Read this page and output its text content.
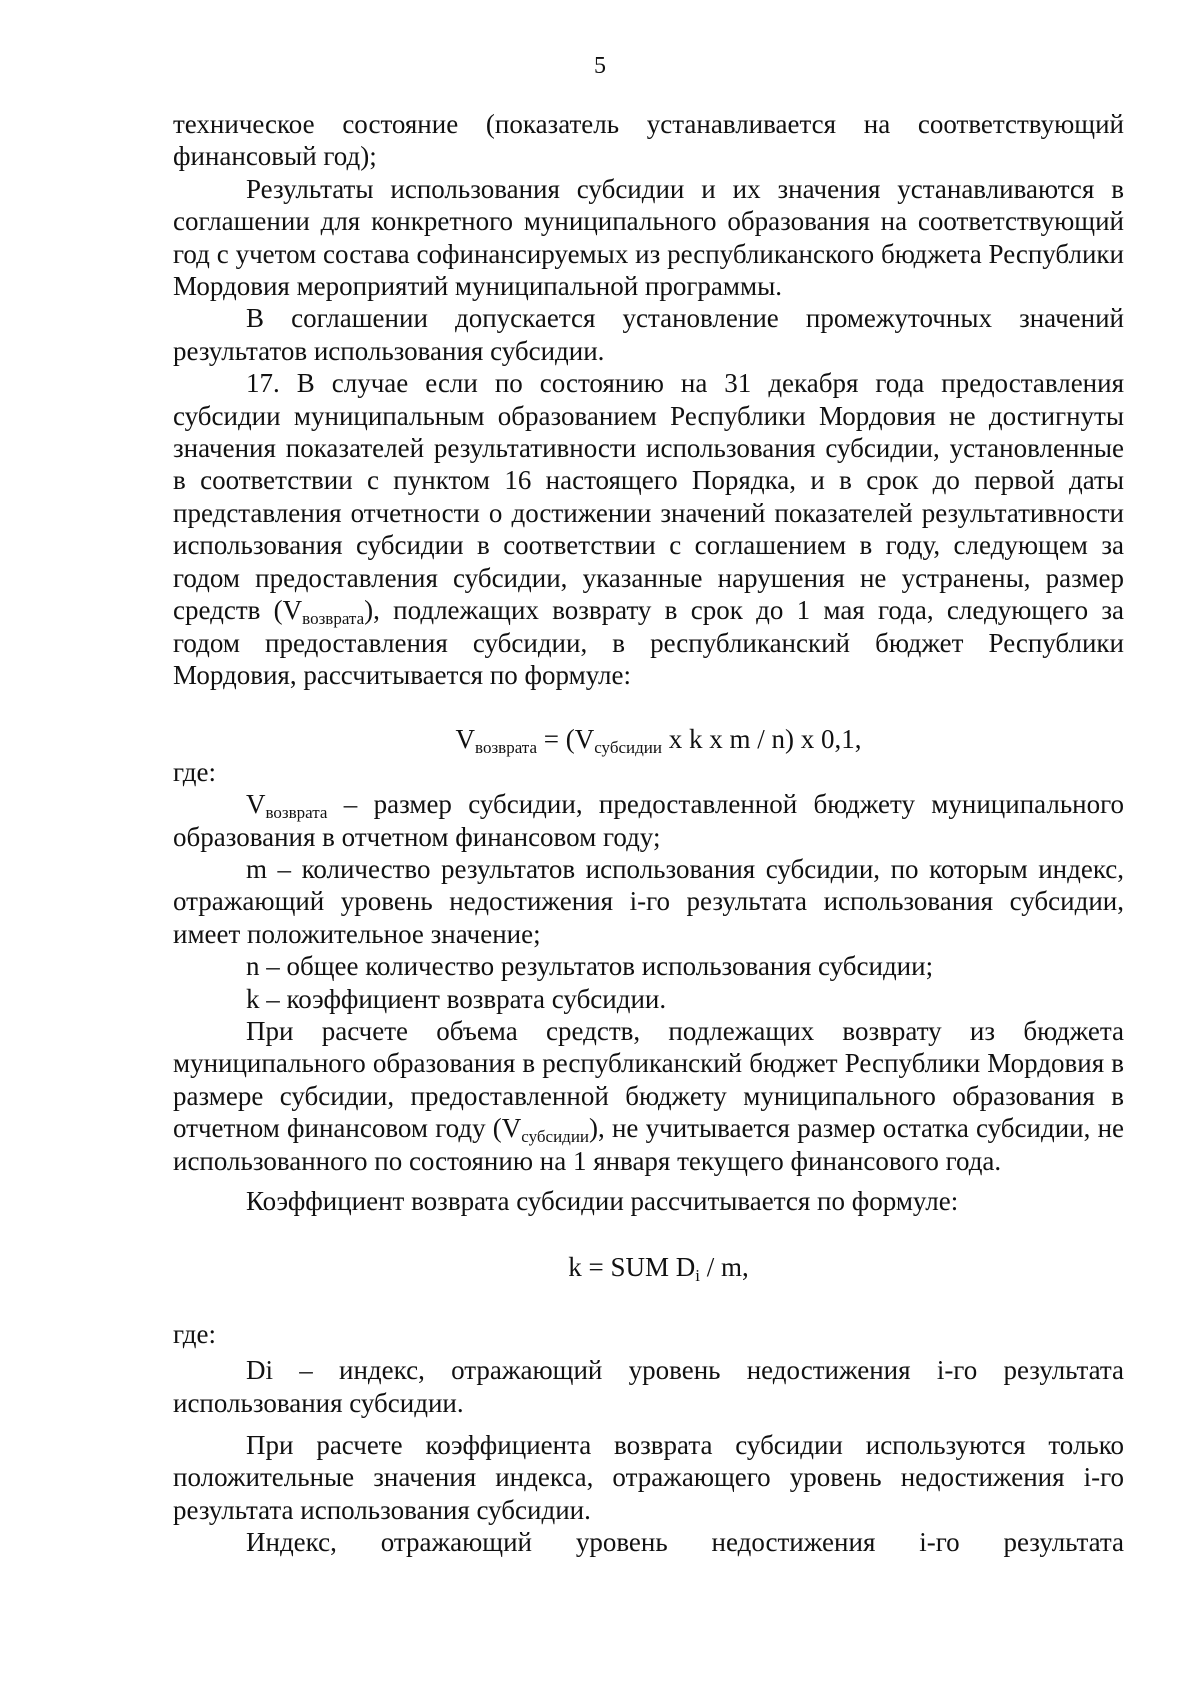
5

техническое состояние (показатель устанавливается на соответствующий финансовый год);

Результаты использования субсидии и их значения устанавливаются в соглашении для конкретного муниципального образования на соответствующий год с учетом состава софинансируемых из республиканского бюджета Республики Мордовия мероприятий муниципальной программы.

В соглашении допускается установление промежуточных значений результатов использования субсидии.

17. В случае если по состоянию на 31 декабря года предоставления субсидии муниципальным образованием Республики Мордовия не достигнуты значения показателей результативности использования субсидии, установленные в соответствии с пунктом 16 настоящего Порядка, и в срок до первой даты представления отчетности о достижении значений показателей результативности использования субсидии в соответствии с соглашением в году, следующем за годом предоставления субсидии, указанные нарушения не устранены, размер средств $(V_{возврата})$, подлежащих возврату в срок до 1 мая года, следующего за годом предоставления субсидии, в республиканский бюджет Республики Мордовия, рассчитывается по формуле:

$V_{возврата} = (V_{субсидии}$ x k x m / n) x 0,1,

где:

$V_{возврата}$ – размер субсидии, предоставленной бюджету муниципального образования в отчетном финансовом году;

m – количество результатов использования субсидии, по которым индекс, отражающий уровень недостижения i-го результата использования субсидии, имеет положительное значение;

n – общее количество результатов использования субсидии;

k – коэффициент возврата субсидии.

При расчете объема средств, подлежащих возврату из бюджета муниципального образования в республиканский бюджет Республики Мордовия в размере субсидии, предоставленной бюджету муниципального образования в отчетном финансовом году $(V_{субсидии})$, не учитывается размер остатка субсидии, не использованного по состоянию на 1 января текущего финансового года.

Коэффициент возврата субсидии рассчитывается по формуле:

k = SUM $D_i$ / m,

где:

Di – индекс, отражающий уровень недостижения i-го результата использования субсидии.

При расчете коэффициента возврата субсидии используются только положительные значения индекса, отражающего уровень недостижения i-го результата использования субсидии.

Индекс, отражающий уровень недостижения i-го результата
